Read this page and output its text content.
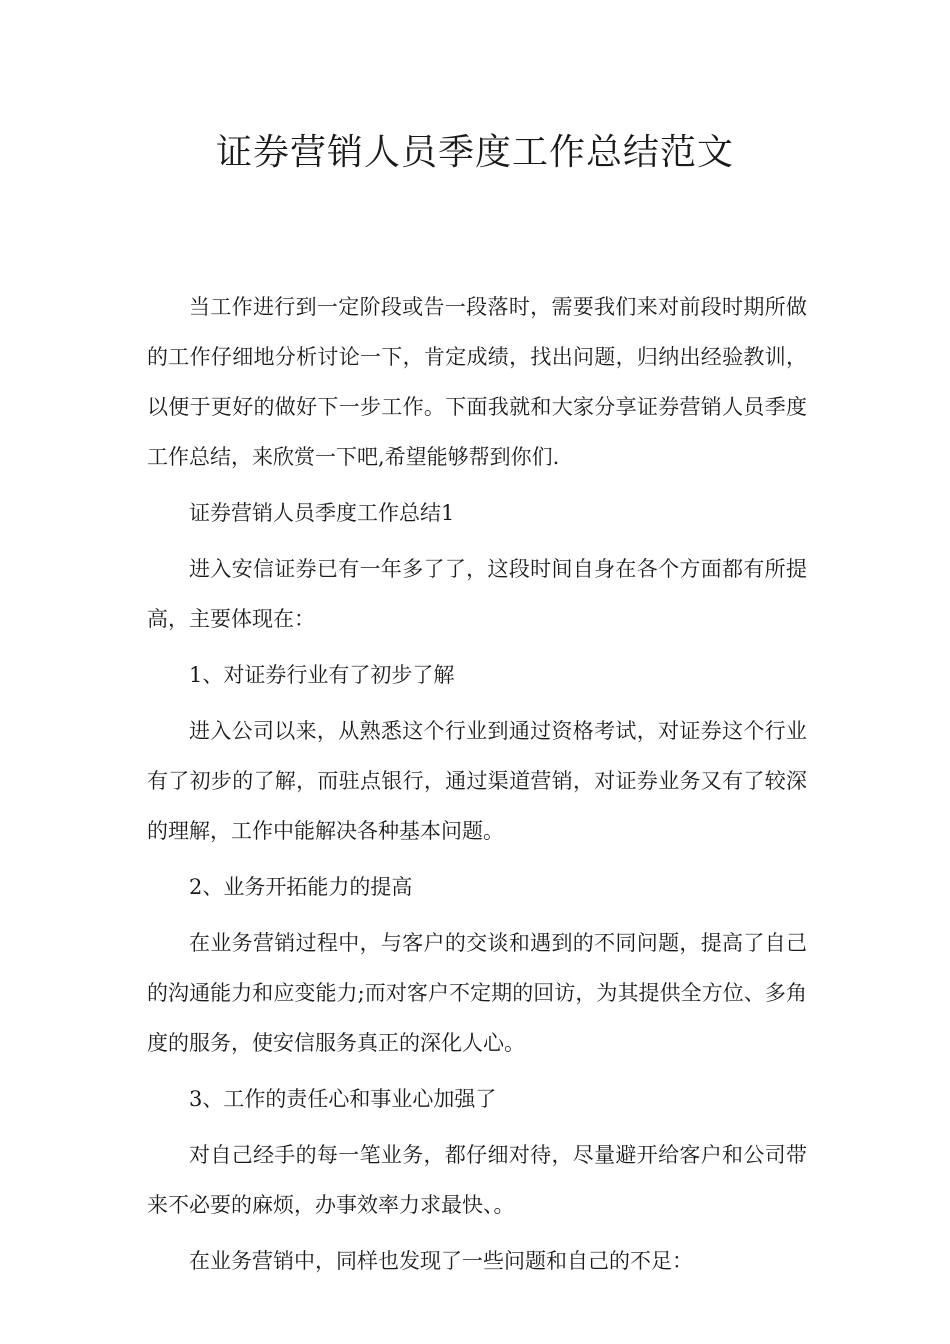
证券营销人员季度工作总结范文

当工作进行到一定阶段或告一段落时，需要我们来对前段时期所做的工作仔细地分析讨论一下，肯定成绩，找出问题，归纳出经验教训，以便于更好的做好下一步工作。下面我就和大家分享证券营销人员季度工作总结，来欣赏一下吧,希望能够帮到你们.

证券营销人员季度工作总结1

进入安信证券已有一年多了了，这段时间自身在各个方面都有所提高，主要体现在：

1、对证券行业有了初步了解

进入公司以来，从熟悉这个行业到通过资格考试，对证券这个行业有了初步的了解，而驻点银行，通过渠道营销，对证券业务又有了较深的理解，工作中能解决各种基本问题。

2、业务开拓能力的提高

在业务营销过程中，与客户的交谈和遇到的不同问题，提高了自己的沟通能力和应变能力;而对客户不定期的回访，为其提供全方位、多角度的服务，使安信服务真正的深化人心。

3、工作的责任心和事业心加强了

对自己经手的每一笔业务，都仔细对待，尽量避开给客户和公司带来不必要的麻烦，办事效率力求最快、。

在业务营销中，同样也发现了一些问题和自己的不足：
